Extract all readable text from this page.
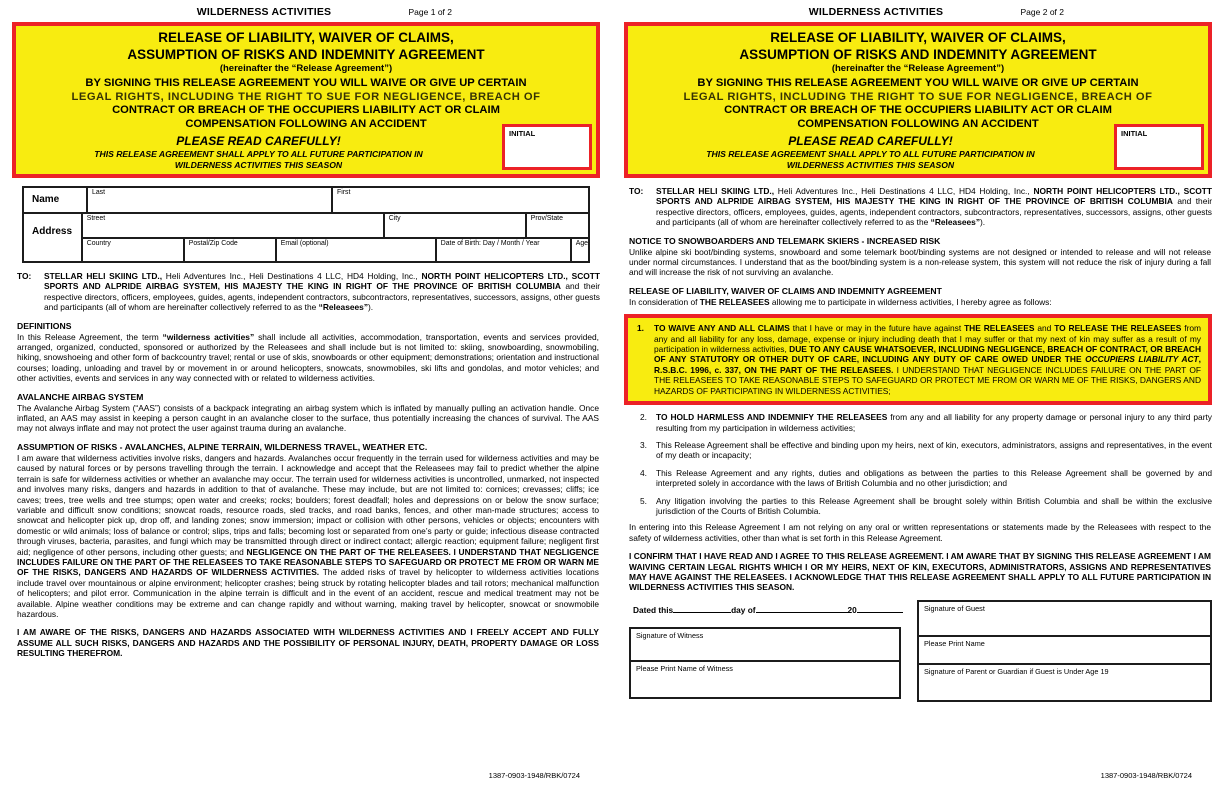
WILDERNESS ACTIVITIES	Page 1 of 2
RELEASE OF LIABILITY, WAIVER OF CLAIMS,
ASSUMPTION OF RISKS AND INDEMNITY AGREEMENT
(hereinafter the “Release Agreement”)
BY SIGNING THIS RELEASE AGREEMENT YOU WILL WAIVE OR GIVE UP CERTAIN
LEGAL RIGHTS, INCLUDING THE RIGHT TO SUE FOR NEGLIGENCE, BREACH OF
CONTRACT OR BREACH OF THE OCCUPIERS LIABILITY ACT OR CLAIM
COMPENSATION FOLLOWING AN ACCIDENT
PLEASE READ CAREFULLY!
THIS RELEASE AGREEMENT SHALL APPLY TO ALL FUTURE PARTICIPATION IN
WILDERNESS ACTIVITIES THIS SEASON
INITIAL
Name
Last	First
Address
Street	City	Prov/State
Country	Postal/Zip Code	Email (optional)	Date of Birth: Day / Month / Year	Age
TO:	STELLAR HELI SKIING LTD., Heli Adventures Inc., Heli Destinations 4 LLC, HD4 Holding, Inc., NORTH POINT HELICOPTERS LTD., SCOTT SPORTS AND ALPRIDE AIRBAG SYSTEM, HIS MAJESTY THE KING IN RIGHT OF THE PROVINCE OF BRITISH COLUMBIA and their respective directors, officers, employees, guides, agents, independent contractors, subcontractors, representatives, successors, assigns, other guests and participants (all of whom are hereinafter collectively referred to as the “Releasees”).
DEFINITIONS
In this Release Agreement, the term “wilderness activities” shall include all activities, accommodation, transportation, events and services provided, arranged, organized, conducted, sponsored or authorized by the Releasees and shall include but is not limited to: skiing, snowboarding, snowmobiling, hiking, snowshoeing and other form of backcountry travel; rental or use of skis, snowboards or other equipment; demonstrations; orientation and instructional courses; loading, unloading and travel by or movement in or around helicopters, snowcats, snowmobiles, ski lifts and gondolas, and motor vehicles; and other activities, events and services in any way connected with or related to wilderness activities.
AVALANCHE AIRBAG SYSTEM
The Avalanche Airbag System (“AAS”) consists of a backpack integrating an airbag system which is inflated by manually pulling an activation handle. Once inflated, an AAS may assist in keeping a person caught in an avalanche closer to the surface, thus potentially increasing the chances of survival. The AAS may not always inflate and may not protect the user against trauma during an avalanche.
ASSUMPTION OF RISKS - AVALANCHES, ALPINE TERRAIN, WILDERNESS TRAVEL, WEATHER ETC.
I am aware that wilderness activities involve risks, dangers and hazards. Avalanches occur frequently in the terrain used for wilderness activities and may be caused by natural forces or by persons travelling through the terrain. I acknowledge and accept that the Releasees may fail to predict whether the alpine terrain is safe for wilderness activities or whether an avalanche may occur. The terrain used for wilderness activities is uncontrolled, unmarked, not inspected and involves many risks, dangers and hazards in addition to that of avalanche. These may include, but are not limited to: cornices; crevasses; cliffs; ice caves; trees, tree wells and tree stumps; open water and creeks; rocks; boulders; forest deadfall; holes and depressions on or below the snow surface; variable and difficult snow conditions; snowcat roads, resource roads, sled tracks, and road banks, fences, and other man-made structures; access to snowcat and helicopter pick up, drop off, and landing zones; snow immersion; impact or collision with other persons, vehicles or objects; encounters with domestic or wild animals; loss of balance or control; slips, trips and falls; becoming lost or separated from one’s party or guide; infectious disease contracted through viruses, bacteria, parasites, and fungi which may be transmitted through direct or indirect contact; allergic reaction; equipment failure; negligent first aid; negligence of other persons, including other guests; and NEGLIGENCE ON THE PART OF THE RELEASEES. I UNDERSTAND THAT NEGLIGENCE INCLUDES FAILURE ON THE PART OF THE RELEASEES TO TAKE REASONABLE STEPS TO SAFEGUARD OR PROTECT ME FROM OR WARN ME OF THE RISKS, DANGERS AND HAZARDS OF WILDERNESS ACTIVITIES. The added risks of travel by helicopter to wilderness activities locations include travel over mountainous or alpine environment; helicopter crashes; being struck by rotating helicopter blades and tail rotors; mechanical malfunction of helicopters; and pilot error. Communication in the alpine terrain is difficult and in the event of an accident, rescue and medical treatment may not be available. Alpine weather conditions may be extreme and can change rapidly and without warning, making travel by helicopter, snowcat or snowmobile hazardous.
I AM AWARE OF THE RISKS, DANGERS AND HAZARDS ASSOCIATED WITH WILDERNESS ACTIVITIES AND I FREELY ACCEPT AND FULLY ASSUME ALL SUCH RISKS, DANGERS AND HAZARDS AND THE POSSIBILITY OF PERSONAL INJURY, DEATH, PROPERTY DAMAGE OR LOSS RESULTING THEREFROM.
1387-0903-1948/RBK/0724
WILDERNESS ACTIVITIES	Page 2 of 2
RELEASE OF LIABILITY, WAIVER OF CLAIMS,
ASSUMPTION OF RISKS AND INDEMNITY AGREEMENT
(hereinafter the “Release Agreement”)
BY SIGNING THIS RELEASE AGREEMENT YOU WILL WAIVE OR GIVE UP CERTAIN
LEGAL RIGHTS, INCLUDING THE RIGHT TO SUE FOR NEGLIGENCE, BREACH OF
CONTRACT OR BREACH OF THE OCCUPIERS LIABILITY ACT OR CLAIM
COMPENSATION FOLLOWING AN ACCIDENT
PLEASE READ CAREFULLY!
THIS RELEASE AGREEMENT SHALL APPLY TO ALL FUTURE PARTICIPATION IN
WILDERNESS ACTIVITIES THIS SEASON
INITIAL
TO:	STELLAR HELI SKIING LTD., Heli Adventures Inc., Heli Destinations 4 LLC, HD4 Holding, Inc., NORTH POINT HELICOPTERS LTD., SCOTT SPORTS AND ALPRIDE AIRBAG SYSTEM, HIS MAJESTY THE KING IN RIGHT OF THE PROVINCE OF BRITISH COLUMBIA and their respective directors, officers, employees, guides, agents, independent contractors, subcontractors, representatives, successors, assigns, other guests and participants (all of whom are hereinafter collectively referred to as the “Releasees”).
NOTICE TO SNOWBOARDERS AND TELEMARK SKIERS - INCREASED RISK
Unlike alpine ski boot/binding systems, snowboard and some telemark boot/binding systems are not designed or intended to release and will not release under normal circumstances. I understand that as the boot/binding system is a non-release system, this system will not reduce the risk of injury during a fall and will increase the risk of not surviving an avalanche.
RELEASE OF LIABILITY, WAIVER OF CLAIMS AND INDEMNITY AGREEMENT
In consideration of THE RELEASEES allowing me to participate in wilderness activities, I hereby agree as follows:
1.	TO WAIVE ANY AND ALL CLAIMS that I have or may in the future have against THE RELEASEES and TO RELEASE THE RELEASEES from any and all liability for any loss, damage, expense or injury including death that I may suffer or that my next of kin may suffer as a result of my participation in wilderness activities, DUE TO ANY CAUSE WHATSOEVER, INCLUDING NEGLIGENCE, BREACH OF CONTRACT, OR BREACH OF ANY STATUTORY OR OTHER DUTY OF CARE, INCLUDING ANY DUTY OF CARE OWED UNDER THE OCCUPIERS LIABILITY ACT, R.S.B.C. 1996, c. 337, ON THE PART OF THE RELEASEES. I UNDERSTAND THAT NEGLIGENCE INCLUDES FAILURE ON THE PART OF THE RELEASEES TO TAKE REASONABLE STEPS TO SAFEGUARD OR PROTECT ME FROM OR WARN ME OF THE RISKS, DANGERS AND HAZARDS OF PARTICIPATING IN WILDERNESS ACTIVITIES;
2.	TO HOLD HARMLESS AND INDEMNIFY THE RELEASEES from any and all liability for any property damage or personal injury to any third party resulting from my participation in wilderness activities;
3.	This Release Agreement shall be effective and binding upon my heirs, next of kin, executors, administrators, assigns and representatives, in the event of my death or incapacity;
4.	This Release Agreement and any rights, duties and obligations as between the parties to this Release Agreement shall be governed by and interpreted solely in accordance with the laws of British Columbia and no other jurisdiction; and
5.	Any litigation involving the parties to this Release Agreement shall be brought solely within British Columbia and shall be within the exclusive jurisdiction of the Courts of British Columbia.
In entering into this Release Agreement I am not relying on any oral or written representations or statements made by the Releasees with respect to the safety of wilderness activities, other than what is set forth in this Release Agreement.
I CONFIRM THAT I HAVE READ AND I AGREE TO THIS RELEASE AGREEMENT. I AM AWARE THAT BY SIGNING THIS RELEASE AGREEMENT I AM WAIVING CERTAIN LEGAL RIGHTS WHICH I OR MY HEIRS, NEXT OF KIN, EXECUTORS, ADMINISTRATORS, ASSIGNS AND REPRESENTATIVES MAY HAVE AGAINST THE RELEASEES. I ACKNOWLEDGE THAT THIS RELEASE AGREEMENT SHALL APPLY TO ALL FUTURE PARTICIPATION IN WILDERNESS ACTIVITIES THIS SEASON.
Dated this	day of	20
Signature of Witness
Please Print Name of Witness
Signature of Guest
Please Print Name
Signature of Parent or Guardian if Guest is Under Age 19
1387-0903-1948/RBK/0724
